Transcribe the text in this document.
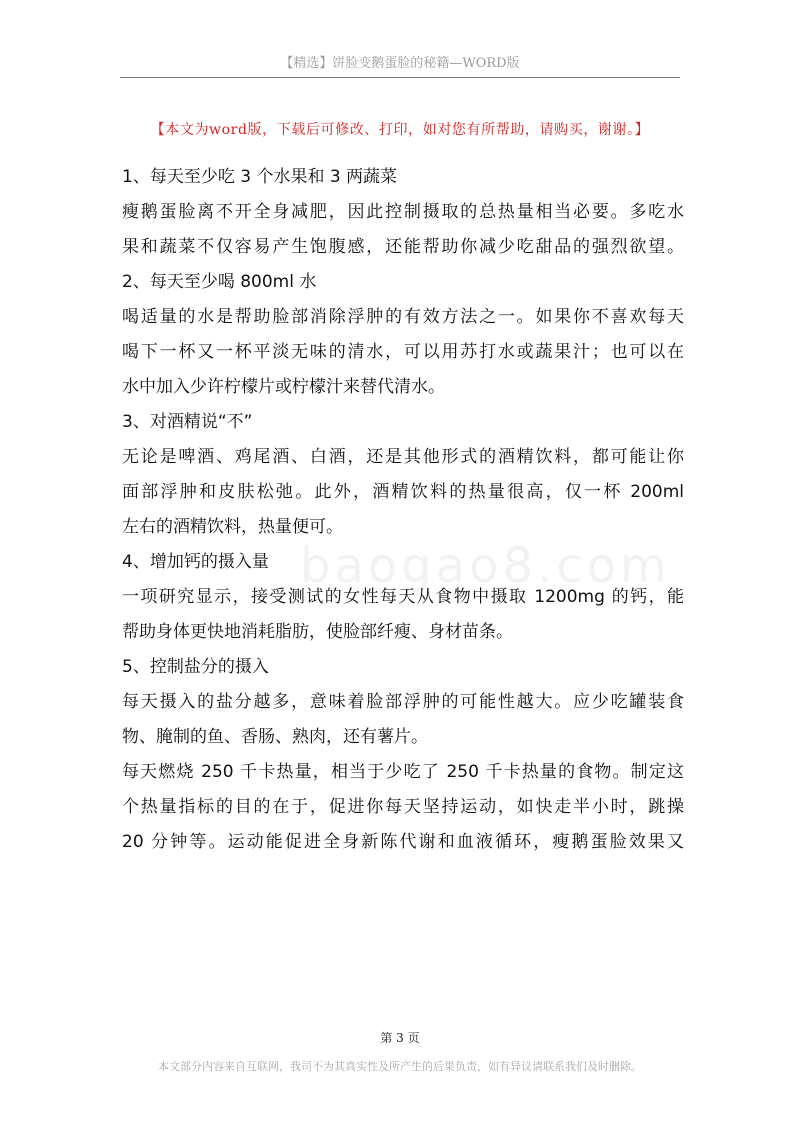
【精选】饼脸变鹅蛋脸的秘籍—WORD版
【本文为word版，下载后可修改、打印，如对您有所帮助，请购买，谢谢。】
baogao8.com
1、每天至少吃 3 个水果和 3 两蔬菜
瘦鹅蛋脸离不开全身减肥，因此控制摄取的总热量相当必要。多吃水
果和蔬菜不仅容易产生饱腹感，还能帮助你减少吃甜品的强烈欲望。
2、每天至少喝 800ml 水
喝适量的水是帮助脸部消除浮肿的有效方法之一。如果你不喜欢每天
喝下一杯又一杯平淡无味的清水，可以用苏打水或蔬果汁；也可以在
水中加入少许柠檬片或柠檬汁来替代清水。
3、对酒精说“不”
无论是啤酒、鸡尾酒、白酒，还是其他形式的酒精饮料，都可能让你
面部浮肿和皮肤松弛。此外，酒精饮料的热量很高，仅一杯 200ml
左右的酒精饮料，热量便可。
4、增加钙的摄入量
一项研究显示，接受测试的女性每天从食物中摄取 1200mg 的钙，能
帮助身体更快地消耗脂肪，使脸部纤瘦、身材苗条。
5、控制盐分的摄入
每天摄入的盐分越多，意味着脸部浮肿的可能性越大。应少吃罐装食
物、腌制的鱼、香肠、熟肉，还有薯片。
每天燃烧 250 千卡热量，相当于少吃了 250 千卡热量的食物。制定这
个热量指标的目的在于，促进你每天坚持运动，如快走半小时，跳操
20 分钟等。运动能促进全身新陈代谢和血液循环，瘦鹅蛋脸效果又
第 3 页
本文部分内容来自互联网，我司不为其真实性及所产生的后果负责，如有异议请联系我们及时删除。
